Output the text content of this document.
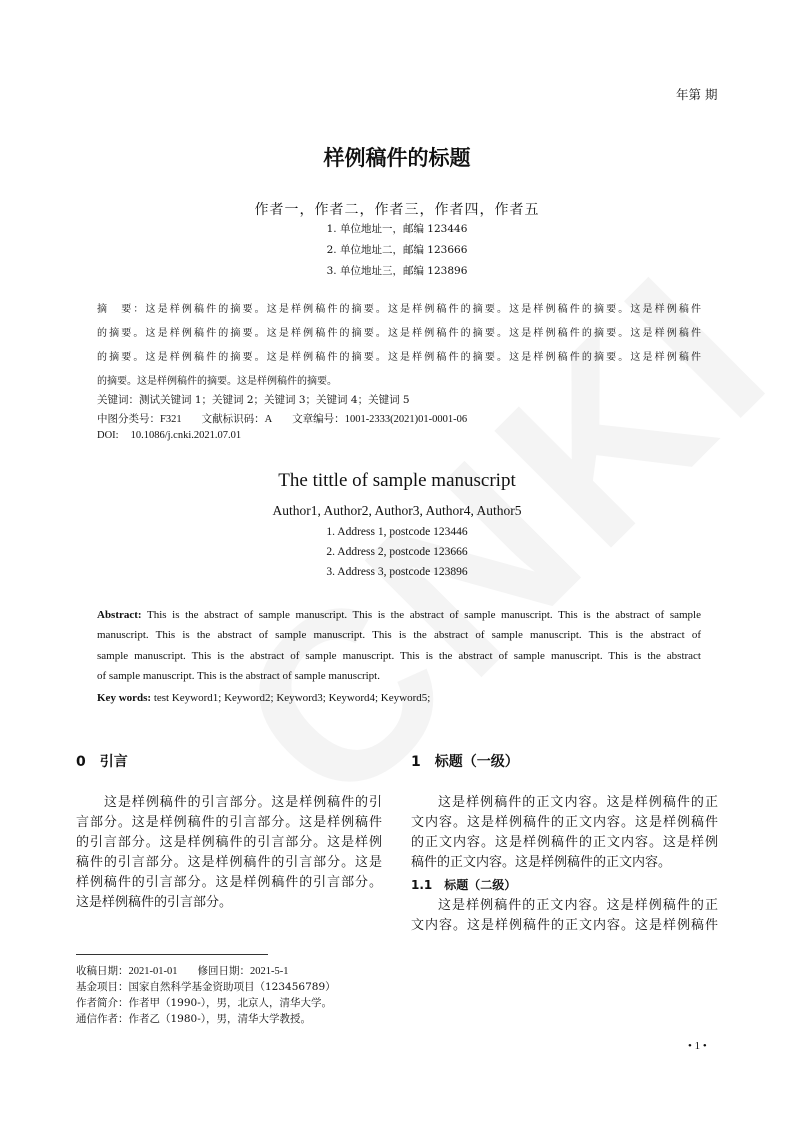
年第 期
样例稿件的标题
作者一，作者二，作者三，作者四，作者五
1. 单位地址一，邮编 123446
2. 单位地址二，邮编 123666
3. 单位地址三，邮编 123896
摘　要：这是样例稿件的摘要。这是样例稿件的摘要。这是样例稿件的摘要。这是样例稿件的摘要。这是样例稿件
的摘要。这是样例稿件的摘要。这是样例稿件的摘要。这是样例稿件的摘要。这是样例稿件的摘要。这是样例稿件
的摘要。这是样例稿件的摘要。这是样例稿件的摘要。这是样例稿件的摘要。这是样例稿件的摘要。这是样例稿件
的摘要。这是样例稿件的摘要。这是样例稿件的摘要。
关键词：测试关键词 1；关键词 2；关键词 3；关键词 4；关键词 5
中图分类号：F321 文献标识码：A 文章编号：1001-2333(2021)01-0001-06
DOI: 10.1086/j.cnki.2021.07.01
The tittle of sample manuscript
Author1, Author2, Author3, Author4, Author5
1. Address 1, postcode 123446
2. Address 2, postcode 123666
3. Address 3, postcode 123896
Abstract: This is the abstract of sample manuscript. This is the abstract of sample manuscript. This is the abstract of sample
manuscript. This is the abstract of sample manuscript. This is the abstract of sample manuscript. This is the abstract of
sample manuscript. This is the abstract of sample manuscript. This is the abstract of sample manuscript. This is the abstract
of sample manuscript. This is the abstract of sample manuscript.
Key words: test Keyword1; Keyword2; Keyword3; Keyword4; Keyword5;
0　引言
这是样例稿件的引言部分。这是样例稿件的引
言部分。这是样例稿件的引言部分。这是样例稿件
的引言部分。这是样例稿件的引言部分。这是样例
稿件的引言部分。这是样例稿件的引言部分。这是
样例稿件的引言部分。这是样例稿件的引言部分。
这是样例稿件的引言部分。
1　标题（一级）
这是样例稿件的正文内容。这是样例稿件的正
文内容。这是样例稿件的正文内容。这是样例稿件
的正文内容。这是样例稿件的正文内容。这是样例
稿件的正文内容。这是样例稿件的正文内容。
1.1　标题（二级）
这是样例稿件的正文内容。这是样例稿件的正
文内容。这是样例稿件的正文内容。这是样例稿件
收稿日期：2021-01-01 修回日期：2021-5-1
基金项目：国家自然科学基金资助项目（123456789）
作者简介：作者甲（1990-），男，北京人，清华大学。
通信作者：作者乙（1980-），男，清华大学教授。
• 1 •
